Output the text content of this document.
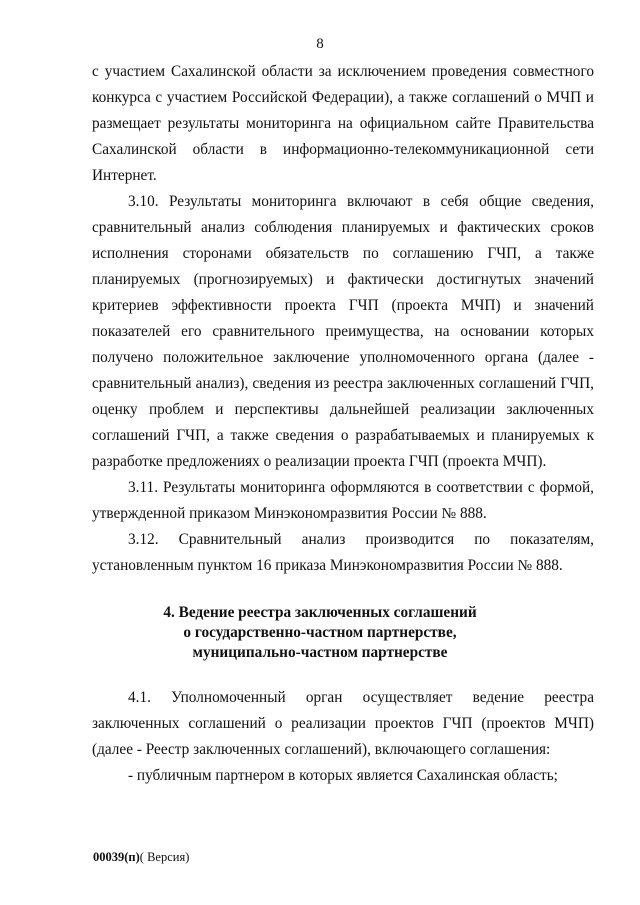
8
с участием Сахалинской области за исключением проведения совместного
конкурса с участием Российской Федерации), а также соглашений о МЧП и
размещает результаты мониторинга на официальном сайте Правительства
Сахалинской области в информационно-телекоммуникационной сети
Интернет.
3.10. Результаты мониторинга включают в себя общие сведения,
сравнительный анализ соблюдения планируемых и фактических сроков
исполнения сторонами обязательств по соглашению ГЧП, а также
планируемых (прогнозируемых) и фактически достигнутых значений
критериев эффективности проекта ГЧП (проекта МЧП) и значений
показателей его сравнительного преимущества, на основании которых
получено положительное заключение уполномоченного органа (далее -
сравнительный анализ), сведения из реестра заключенных соглашений ГЧП,
оценку проблем и перспективы дальнейшей реализации заключенных
соглашений ГЧП, а также сведения о разрабатываемых и планируемых к
разработке предложениях о реализации проекта ГЧП (проекта МЧП).
3.11. Результаты мониторинга оформляются в соответствии с формой,
утвержденной приказом Минэкономразвития России № 888.
3.12. Сравнительный анализ производится по показателям,
установленным пунктом 16 приказа Минэкономразвития России № 888.
4. Ведение реестра заключенных соглашений
о государственно-частном партнерстве,
муниципально-частном партнерстве
4.1. Уполномоченный орган осуществляет ведение реестра
заключенных соглашений о реализации проектов ГЧП (проектов МЧП)
(далее - Реестр заключенных соглашений), включающего соглашения:
- публичным партнером в которых является Сахалинская область;
00039(п)( Версия)
